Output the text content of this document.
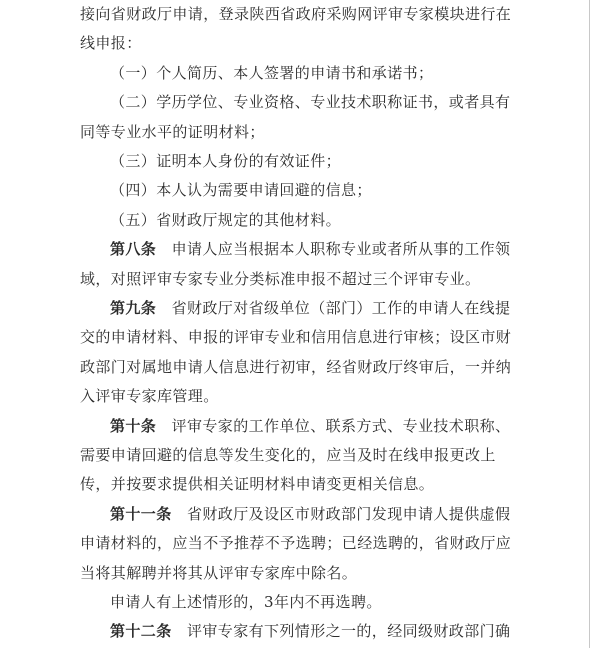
接向省财政厅申请，登录陕西省政府采购网评审专家模块进行在
线申报：
（一）个人简历、本人签署的申请书和承诺书；
（二）学历学位、专业资格、专业技术职称证书，或者具有
同等专业水平的证明材料；
（三）证明本人身份的有效证件；
（四）本人认为需要申请回避的信息；
（五）省财政厅规定的其他材料。
第八条　申请人应当根据本人职称专业或者所从事的工作领
域，对照评审专家专业分类标准申报不超过三个评审专业。
第九条　省财政厅对省级单位（部门）工作的申请人在线提
交的申请材料、申报的评审专业和信用信息进行审核；设区市财
政部门对属地申请人信息进行初审，经省财政厅终审后，一并纳
入评审专家库管理。
第十条　评审专家的工作单位、联系方式、专业技术职称、
需要申请回避的信息等发生变化的，应当及时在线申报更改上
传，并按要求提供相关证明材料申请变更相关信息。
第十一条　省财政厅及设区市财政部门发现申请人提供虚假
申请材料的，应当不予推荐不予选聘；已经选聘的，省财政厅应
当将其解聘并将其从评审专家库中除名。
申请人有上述情形的，3年内不再选聘。
第十二条　评审专家有下列情形之一的，经同级财政部门确
